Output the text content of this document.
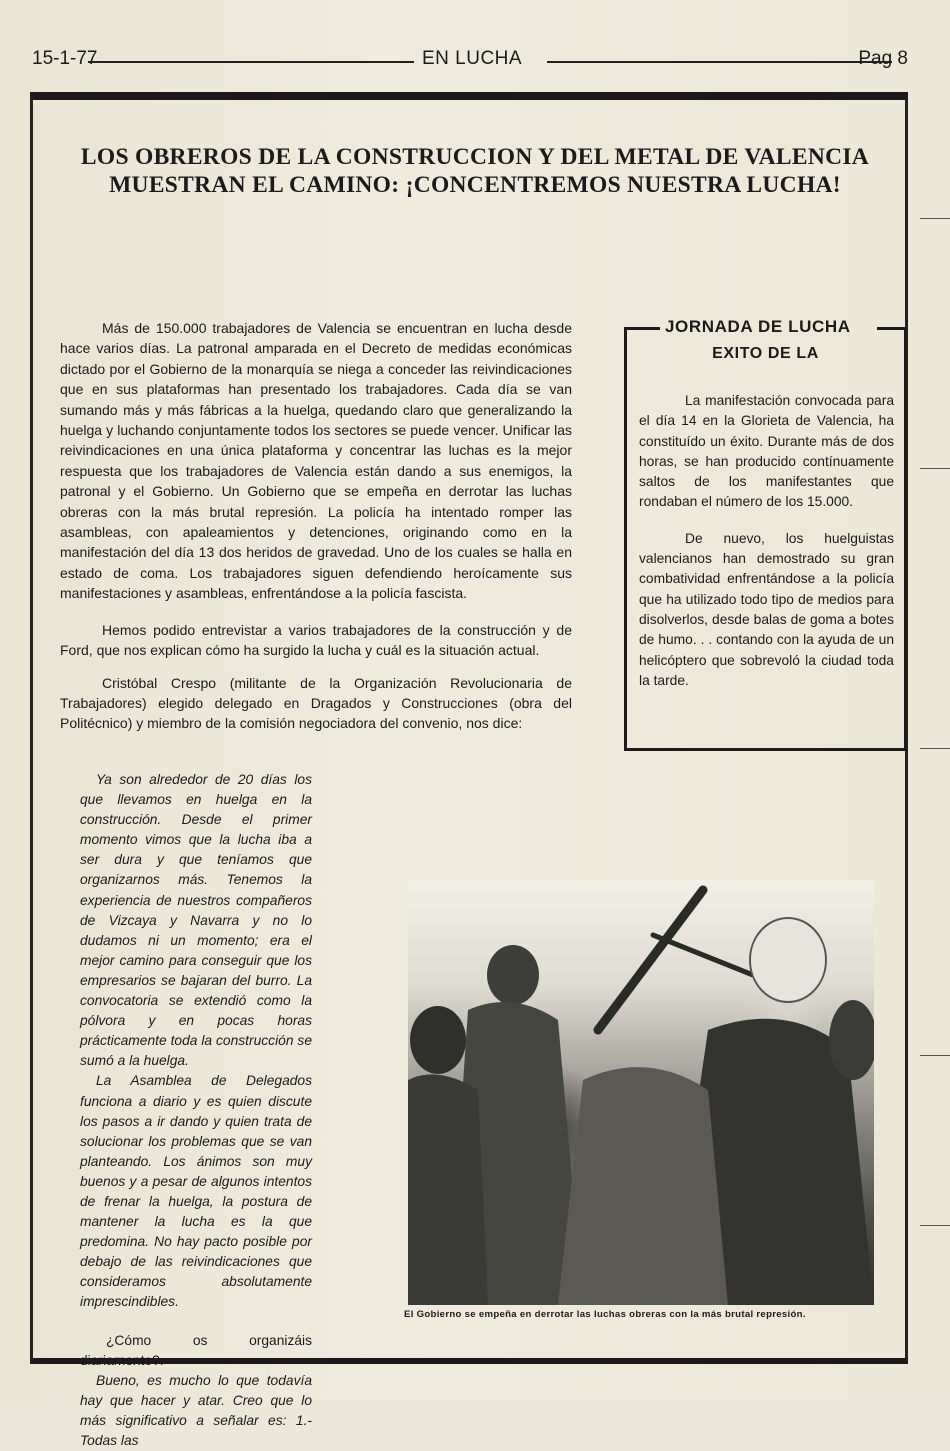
15-1-77	EN LUCHA	Pag 8
LOS OBREROS DE LA CONSTRUCCION Y DEL METAL DE VALENCIA MUESTRAN EL CAMINO: ¡CONCENTREMOS NUESTRA LUCHA!

Más de 150.000 trabajadores de Valencia se encuentran en lucha desde hace varios días. La patronal amparada en el Decreto de medidas económicas dictado por el Gobierno de la monarquía se niega a conceder las reivindicaciones que en sus plataformas han presentado los trabajadores. Cada día se van sumando más y más fábricas a la huelga, quedando claro que generalizando la huelga y luchando conjuntamente todos los sectores se puede vencer. Unificar las reivindicaciones en una única plataforma y concentrar las luchas es la mejor respuesta que los trabajadores de Valencia están dando a sus enemigos, la patronal y el Gobierno. Un Gobierno que se empeña en derrotar las luchas obreras con la más brutal represión. La policía ha intentado romper las asambleas, con apaleamientos y detenciones, originando como en la manifestación del día 13 dos heridos de gravedad. Uno de los cuales se halla en estado de coma. Los trabajadores siguen defendiendo heroícamente sus manifestaciones y asambleas, enfrentándose a la policía fascista.

Hemos podido entrevistar a varios trabajadores de la construcción y de Ford, que nos explican cómo ha surgido la lucha y cuál es la situación actual.

Cristóbal Crespo (militante de la Organización Revolucionaria de Trabajadores) elegido delegado en Dragados y Construcciones (obra del Politécnico) y miembro de la comisión negociadora del convenio, nos dice:

Ya son alrededor de 20 días los que llevamos en huelga en la construcción. Desde el primer momento vimos que la lucha iba a ser dura y que teníamos que organizarnos más. Tenemos la experiencia de nuestros compañeros de Vizcaya y Navarra y no lo dudamos ni un momento; era el mejor camino para conseguir que los empresarios se bajaran del burro. La convocatoria se extendió como la pólvora y en pocas horas prácticamente toda la construcción se sumó a la huelga.

La Asamblea de Delegados funciona a diario y es quien discute los pasos a ir dando y quien trata de solucionar los problemas que se van planteando. Los ánimos son muy buenos y a pesar de algunos intentos de frenar la huelga, la postura de mantener la lucha es la que predomina. No hay pacto posible por debajo de las reivindicaciones que consideramos absolutamente imprescindibles.

¿Cómo os organizáis diariamente?.

Bueno, es mucho lo que todavía hay que hacer y atar. Creo que lo más significativo a señalar es: 1.- Todas las

JORNADA DE LUCHA
EXITO DE LA

La manifestación convocada para el día 14 en la Glorieta de Valencia, ha constituído un éxito. Durante más de dos horas, se han producido contínuamente saltos de los manifestantes que rondaban el número de los 15.000.

De nuevo, los huelguistas valencianos han demostrado su gran combatividad enfrentándose a la policía que ha utilizado todo tipo de medios para disolverlos, desde balas de goma a botes de humo. . . contando con la ayuda de un helicóptero que sobrevoló la ciudad toda la tarde.

El Gobierno se empeña en derrotar las luchas obreras con la más brutal represión.
